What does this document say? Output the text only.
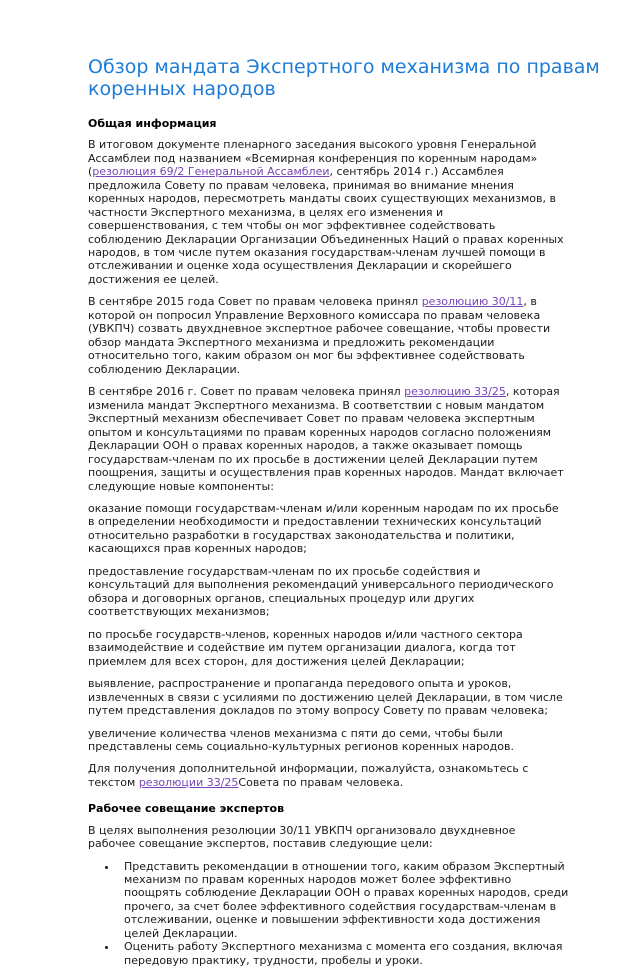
Обзор мандата Экспертного механизма по правам коренных народов
Общая информация

В итоговом документе пленарного заседания высокого уровня Генеральной Ассамблеи под названием «Всемирная конференция по коренным народам» (резолюция 69/2 Генеральной Ассамблеи, сентябрь 2014 г.) Ассамблея предложила Совету по правам человека, принимая во внимание мнения коренных народов, пересмотреть мандаты своих существующих механизмов, в частности Экспертного механизма, в целях его изменения и совершенствования, с тем чтобы он мог эффективнее содействовать соблюдению Декларации Организации Объединенных Наций о правах коренных народов, в том числе путем оказания государствам-членам лучшей помощи в отслеживании и оценке хода осуществления Декларации и скорейшего достижения ее целей.

В сентябре 2015 года Совет по правам человека принял резолюцию 30/11, в которой он попросил Управление Верховного комиссара по правам человека (УВКПЧ) созвать двухдневное экспертное рабочее совещание, чтобы провести обзор мандата Экспертного механизма и предложить рекомендации относительно того, каким образом он мог бы эффективнее содействовать соблюдению Декларации.

В сентябре 2016 г. Совет по правам человека принял резолюцию 33/25, которая изменила мандат Экспертного механизма. В соответствии с новым мандатом Экспертный механизм обеспечивает Совет по правам человека экспертным опытом и консультациями по правам коренных народов согласно положениям Декларации ООН о правах коренных народов, а также оказывает помощь государствам-членам по их просьбе в достижении целей Декларации путем поощрения, защиты и осуществления прав коренных народов. Мандат включает следующие новые компоненты:

оказание помощи государствам-членам и/или коренным народам по их просьбе в определении необходимости и предоставлении технических консультаций относительно разработки в государствах законодательства и политики, касающихся прав коренных народов;

предоставление государствам-членам по их просьбе содействия и консультаций для выполнения рекомендаций универсального периодического обзора и договорных органов, специальных процедур или других соответствующих механизмов;

по просьбе государств-членов, коренных народов и/или частного сектора взаимодействие и содействие им путем организации диалога, когда тот приемлем для всех сторон, для достижения целей Декларации;

выявление, распространение и пропаганда передового опыта и уроков, извлеченных в связи с усилиями по достижению целей Декларации, в том числе путем представления докладов по этому вопросу Совету по правам человека;

увеличение количества членов механизма с пяти до семи, чтобы были представлены семь социально-культурных регионов коренных народов.

Для получения дополнительной информации, пожалуйста, ознакомьтесь с текстом резолюции 33/25Совета по правам человека.

Рабочее совещание экспертов

В целях выполнения резолюции 30/11 УВКПЧ организовало двухдневное рабочее совещание экспертов, поставив следующие цели:

• Представить рекомендации в отношении того, каким образом Экспертный механизм по правам коренных народов может более эффективно поощрять соблюдение Декларации ООН о правах коренных народов, среди прочего, за счет более эффективного содействия государствам-членам в отслеживании, оценке и повышении эффективности хода достижения целей Декларации.
• Оценить работу Экспертного механизма с момента его создания, включая передовую практику, трудности, пробелы и уроки.
